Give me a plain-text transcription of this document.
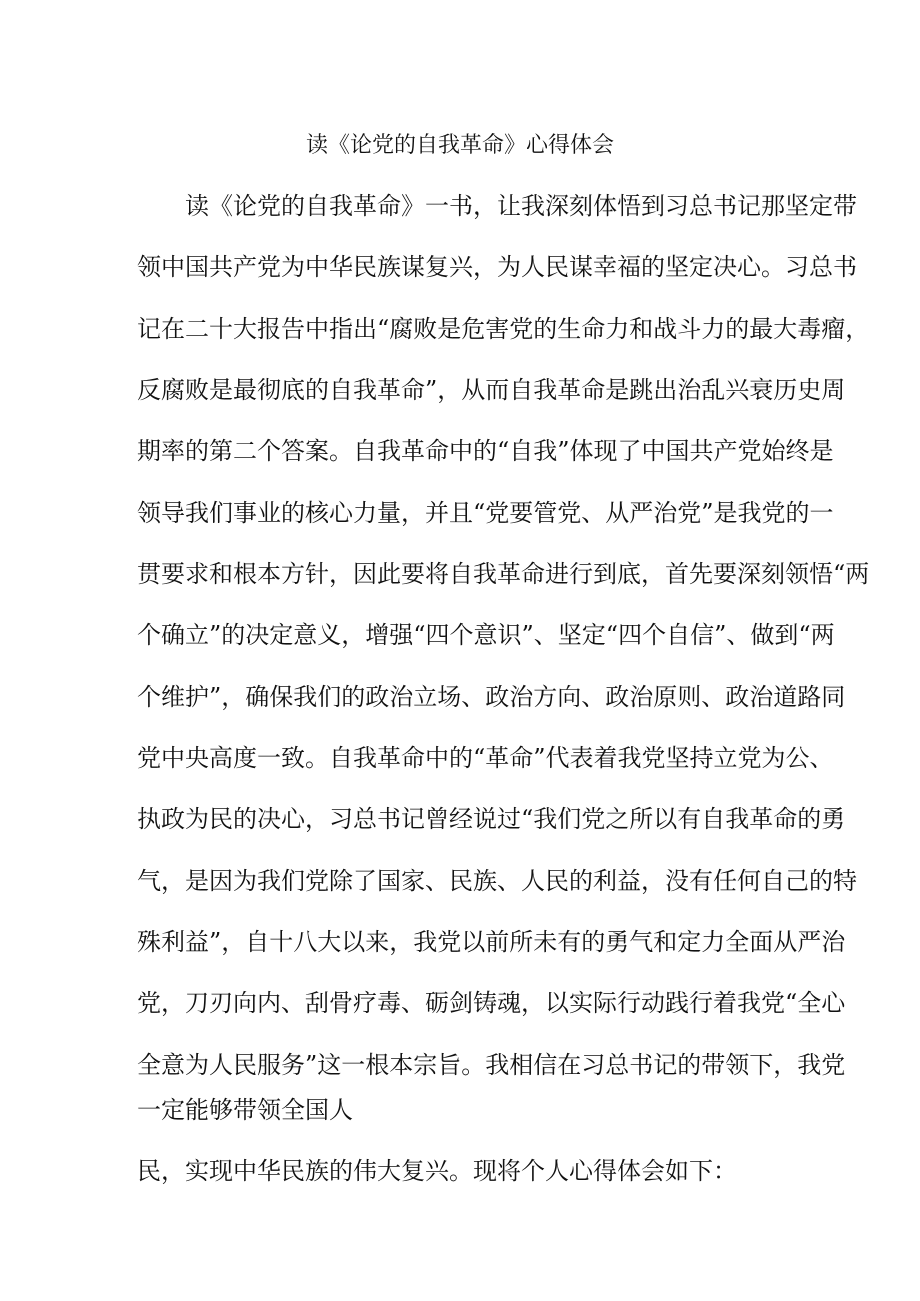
读《论党的自我革命》心得体会

读《论党的自我革命》一书，让我深刻体悟到习总书记那坚定带

领中国共产党为中华民族谋复兴，为人民谋幸福的坚定决心。习总书

记在二十大报告中指出“腐败是危害党的生命力和战斗力的最大毒瘤，

反腐败是最彻底的自我革命”，从而自我革命是跳出治乱兴衰历史周

期率的第二个答案。自我革命中的“自我”体现了中国共产党始终是

领导我们事业的核心力量，并且“党要管党、从严治党”是我党的一

贯要求和根本方针，因此要将自我革命进行到底，首先要深刻领悟“两

个确立”的决定意义，增强“四个意识”、坚定“四个自信”、做到“两

个维护”，确保我们的政治立场、政治方向、政治原则、政治道路同

党中央高度一致。自我革命中的“革命”代表着我党坚持立党为公、

执政为民的决心，习总书记曾经说过“我们党之所以有自我革命的勇

气，是因为我们党除了国家、民族、人民的利益，没有任何自己的特

殊利益”，自十八大以来，我党以前所未有的勇气和定力全面从严治

党，刀刃向内、刮骨疗毒、砺剑铸魂，以实际行动践行着我党“全心

全意为人民服务”这一根本宗旨。我相信在习总书记的带领下，我党

一定能够带领全国人

民，实现中华民族的伟大复兴。现将个人心得体会如下：
